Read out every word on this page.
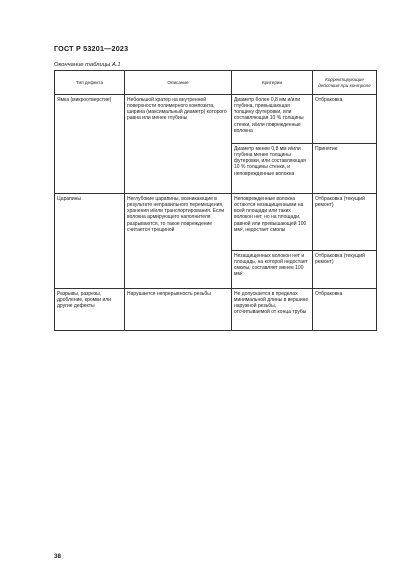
ГОСТ Р 53201—2023
Окончание таблицы А.1
Тип дефекта	Описание	Критерии	Корректирующие действия при контроле
Ямка (микроотверстие)	Небольшой кратер на внутренней поверхности полимерного композита, ширина (максимальный диаметр) которого равна или менее глубины	Диаметр более 0,8 мм и/или глубина, превышающая толщину футеровки, или составляющая 10 % толщины стенки, и/или поврежденные волокна	Отбраковка
		Диаметр менее 0,8 мм и/или глубина менее толщины футеровки, или составляющая 10 % толщины стенки, и неповрежденные волокна	Принятие
Царапины	Неглубокие царапины, возникающие в результате неправильного перемещения, хранения и/или транспортирования. Если волокна армирующего наполнителя разрываются, то такое повреждение считается трещиной	Неповрежденные волокна остаются незащищенными на всей площади или таких волокон нет, но на площади, равной или превышающей 100 мм², недостает смолы	Отбраковка (текущий ремонт)
		Незащищенных волокон нет и площадь, на которой недостает смолы, составляет менее 100 мм²	Отбраковка (текущий ремонт)
Разрывы, разрезы, дробление, кромки или другие дефекты	Нарушается непрерывность резьбы	Не допускается в пределах минимальной длины в вершине наружной резьбы, отсчитываемой от конца трубы	Отбраковка
38
